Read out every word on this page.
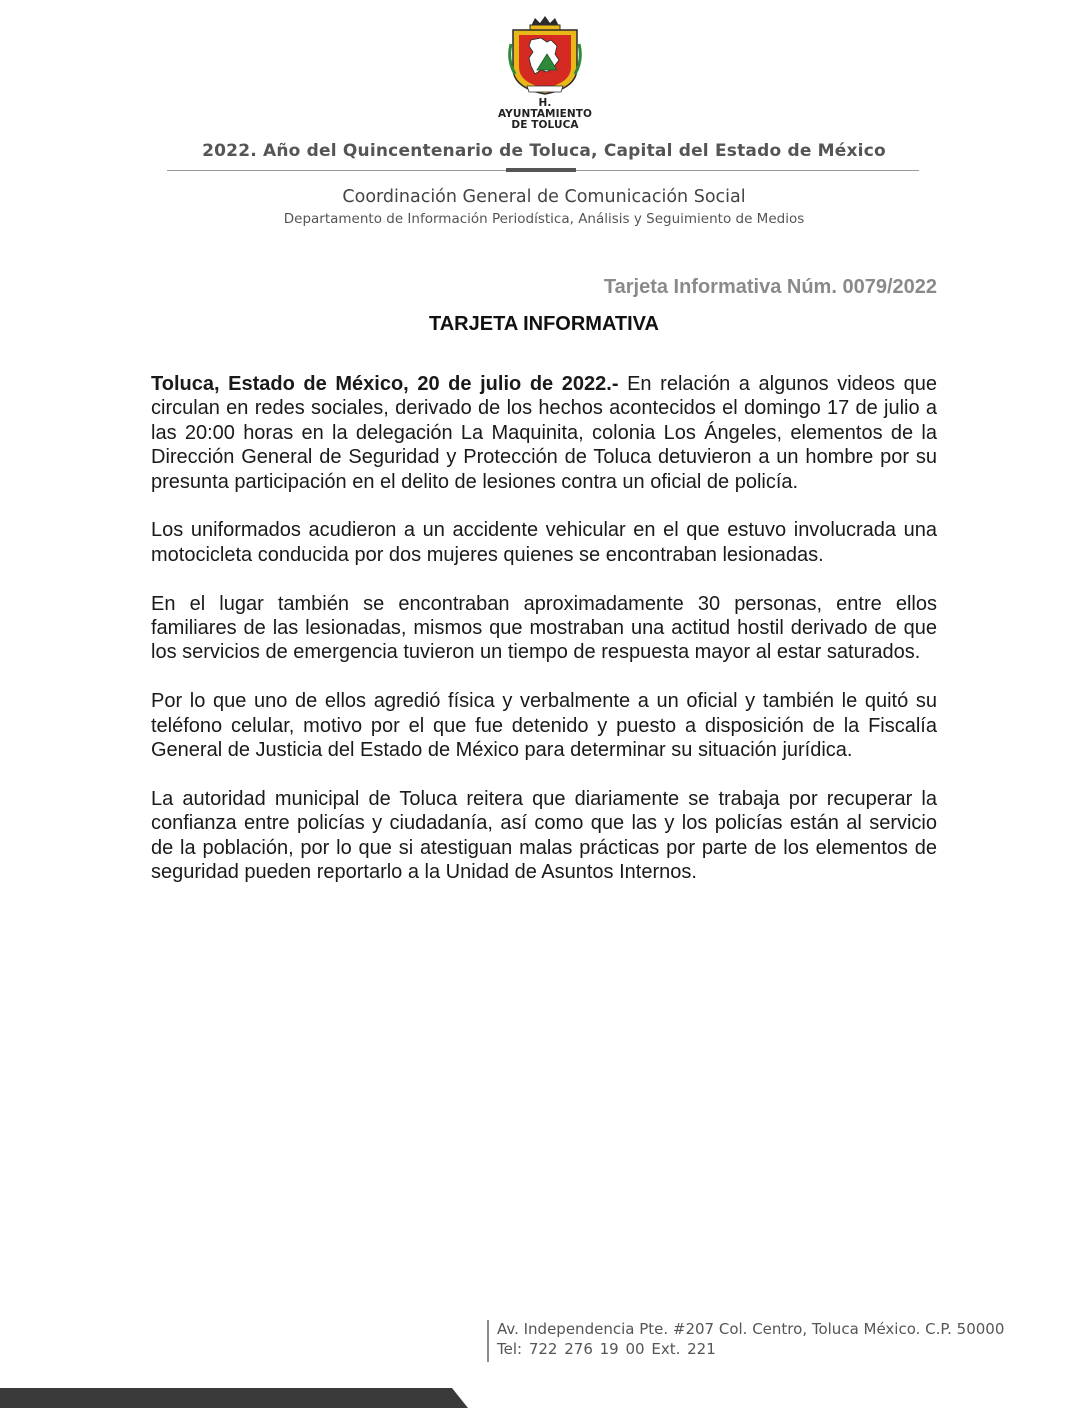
H. AYUNTAMIENTO
DE TOLUCA
2022. Año del Quincentenario de Toluca, Capital del Estado de México
Coordinación General de Comunicación Social
Departamento de Información Periodística, Análisis y Seguimiento de Medios
Tarjeta Informativa Núm. 0079/2022
TARJETA INFORMATIVA

Toluca, Estado de México, 20 de julio de 2022.- En relación a algunos videos que circulan en redes sociales, derivado de los hechos acontecidos el domingo 17 de julio a las 20:00 horas en la delegación La Maquinita, colonia Los Ángeles, elementos de la Dirección General de Seguridad y Protección de Toluca detuvieron a un hombre por su presunta participación en el delito de lesiones contra un oficial de policía.

Los uniformados acudieron a un accidente vehicular en el que estuvo involucrada una motocicleta conducida por dos mujeres quienes se encontraban lesionadas.

En el lugar también se encontraban aproximadamente 30 personas, entre ellos familiares de las lesionadas, mismos que mostraban una actitud hostil derivado de que los servicios de emergencia tuvieron un tiempo de respuesta mayor al estar saturados.

Por lo que uno de ellos agredió física y verbalmente a un oficial y también le quitó su teléfono celular, motivo por el que fue detenido y puesto a disposición de la Fiscalía General de Justicia del Estado de México para determinar su situación jurídica.

La autoridad municipal de Toluca reitera que diariamente se trabaja por recuperar la confianza entre policías y ciudadanía, así como que las y los policías están al servicio de la población, por lo que si atestiguan malas prácticas por parte de los elementos de seguridad pueden reportarlo a la Unidad de Asuntos Internos.

Av. Independencia Pte. #207 Col. Centro, Toluca México. C.P. 50000
Tel: 722 276 19 00 Ext. 221
